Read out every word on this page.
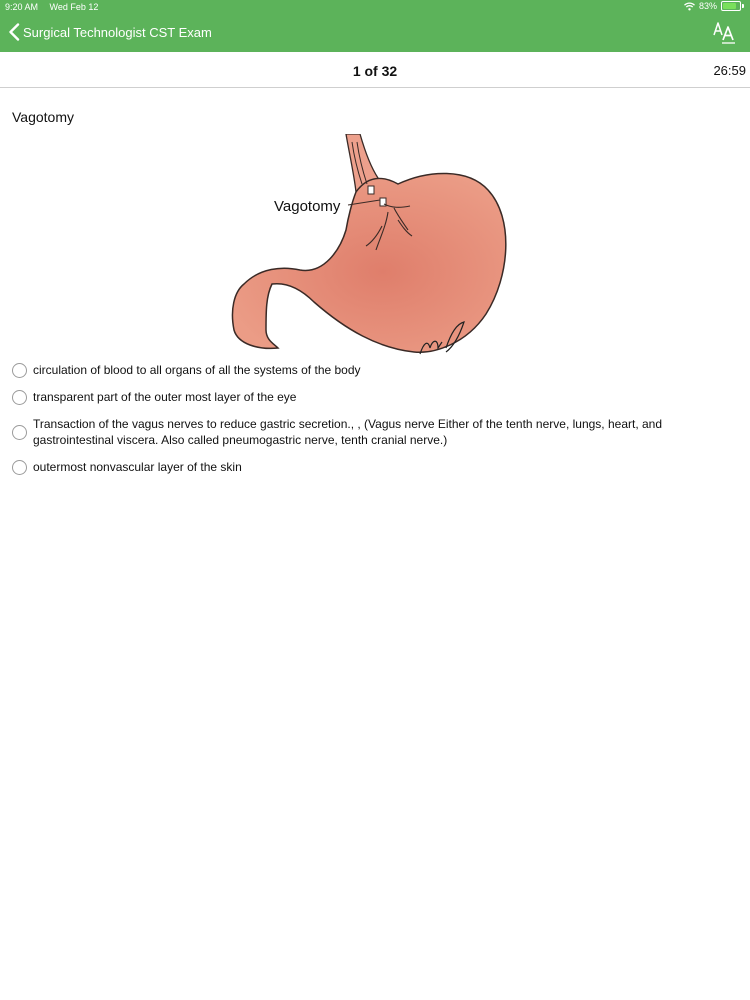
9:20 AM Wed Feb 12	83%
Surgical Technologist CST Exam
1 of 32	26:59
Vagotomy
Vagotomy
circulation of blood to all organs of all the systems of the body
transparent part of the outer most layer of the eye
Transaction of the vagus nerves to reduce gastric secretion., , (Vagus nerve Either of the tenth nerve, lungs, heart, and gastrointestinal viscera. Also called pneumogastric nerve, tenth cranial nerve.)
outermost nonvascular layer of the skin
